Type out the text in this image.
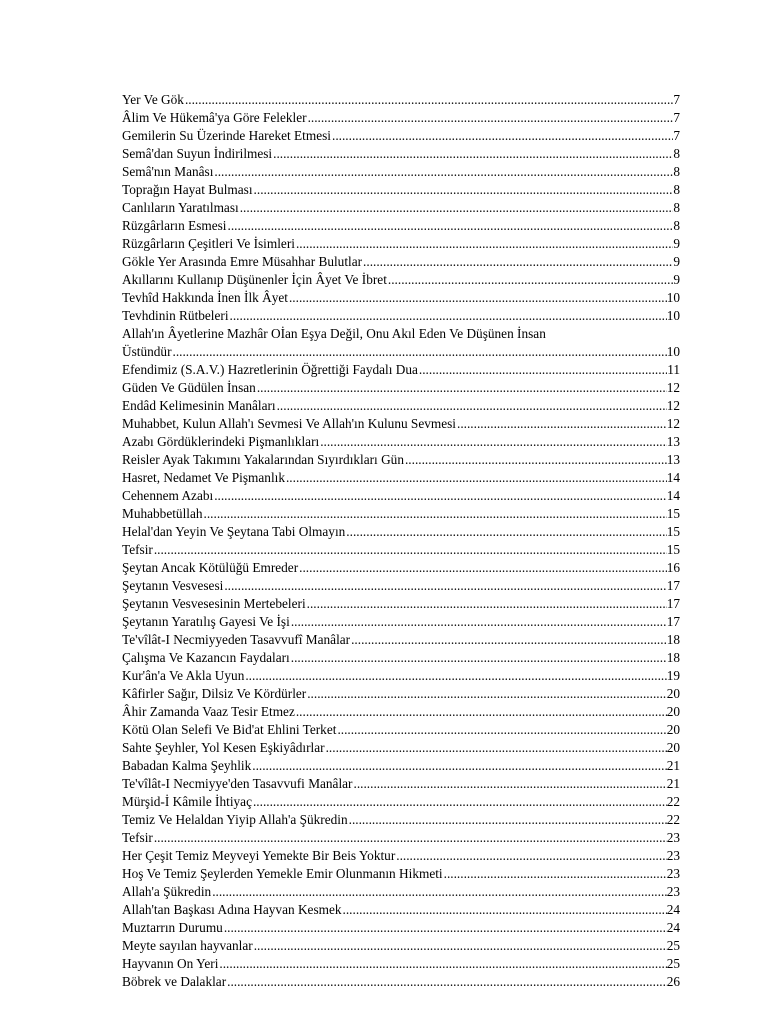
Yer Ve Gök .....	7
Âlim Ve Hükemâ'ya Göre Felekler .....	7
Gemilerin Su Üzerinde Hareket Etmesi .....	7
Semâ'dan Suyun İndirilmesi .....	8
Semâ'nın Manâsı .....	8
Toprağın Hayat Bulması .....	8
Canlıların Yaratılması .....	8
Rüzgârların Esmesi .....	8
Rüzgârların Çeşitleri Ve İsimleri .....	9
Gökle Yer Arasında Emre Müsahhar Bulutlar .....	9
Akıllarını Kullanıp Düşünenler İçin Âyet Ve İbret .....	9
Tevhîd Hakkında İnen İlk Âyet .....	10
Tevhdinin Rütbeleri .....	10
Allah'ın Âyetlerine Mazhâr Oİan Eşya Değil, Onu Akıl Eden Ve Düşünen İnsan
Üstündür .....	10
Efendimiz (S.A.V.) Hazretlerinin Öğrettiği Faydalı Dua .....	11
Güden Ve Güdülen İnsan .....	12
Endâd Kelimesinin Manâları .....	12
Muhabbet, Kulun Allah'ı Sevmesi Ve Allah'ın Kulunu Sevmesi .....	12
Azabı Gördüklerindeki Pişmanlıkları .....	13
Reisler Ayak Takımını Yakalarından Sıyırdıkları Gün .....	13
Hasret, Nedamet Ve Pişmanlık .....	14
Cehennem Azabı .....	14
Muhabbetüllah .....	15
Helal'dan Yeyin Ve Şeytana Tabi Olmayın .....	15
Tefsir .....	15
Şeytan Ancak Kötülüğü Emreder .....	16
Şeytanın Vesvesesi .....	17
Şeytanın Vesvesesinin Mertebeleri .....	17
Şeytanın Yaratılış Gayesi Ve İşi .....	17
Te'vîlât-I Necmiyyeden Tasavvufî Manâlar .....	18
Çalışma Ve Kazancın Faydaları .....	18
Kur'ân'a Ve Akla Uyun .....	19
Kâfirler Sağır, Dilsiz Ve Kördürler .....	20
Âhir Zamanda Vaaz Tesir Etmez .....	20
Kötü Olan Selefi Ve Bid'at Ehlini Terket .....	20
Sahte Şeyhler, Yol Kesen Eşkiyâdırlar .....	20
Babadan Kalma Şeyhlik .....	21
Te'vîlât-I Necmiyye'den Tasavvufi Manâlar .....	21
Mürşid-İ Kâmile İhtiyaç .....	22
Temiz Ve Helaldan Yiyip Allah'a Şükredin .....	22
Tefsir .....	23
Her Çeşit Temiz Meyveyi Yemekte Bir Beis Yoktur .....	23
Hoş Ve Temiz Şeylerden Yemekle Emir Olunmanın Hikmeti .....	23
Allah'a Şükredin .....	23
Allah'tan Başkası Adına Hayvan Kesmek .....	24
Muztarrın Durumu .....	24
Meyte sayılan hayvanlar .....	25
Hayvanın On Yeri .....	25
Böbrek ve Dalaklar .....	26
